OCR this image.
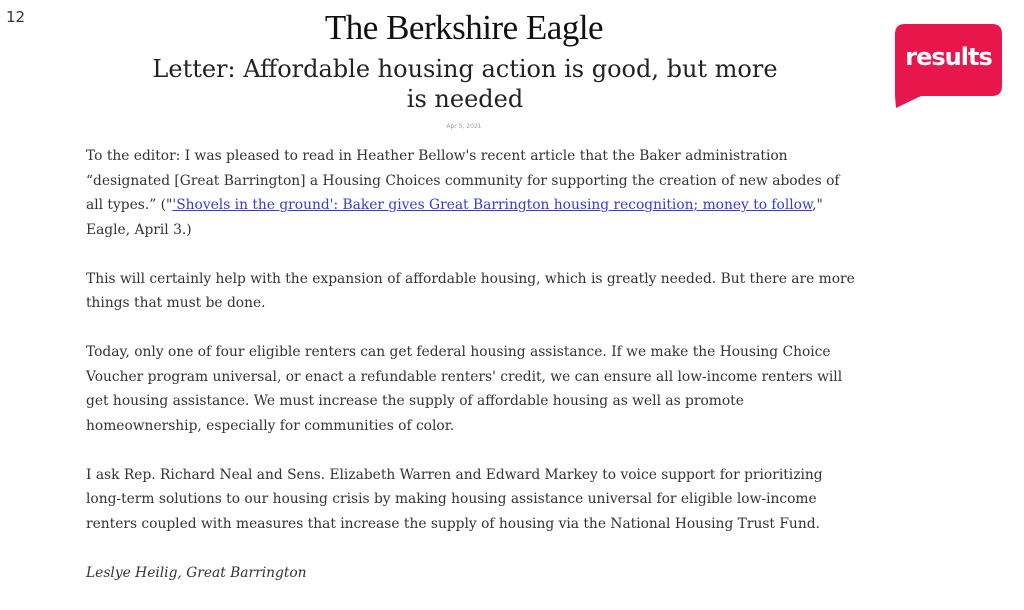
12	The Berkshire Eagle
Letter: Affordable housing action is good, but more is needed
Apr 5, 2021

To the editor: I was pleased to read in Heather Bellow's recent article that the Baker administration “designated [Great Barrington] a Housing Choices community for supporting the creation of new abodes of all types.” ("'Shovels in the ground': Baker gives Great Barrington housing recognition; money to follow," Eagle, April 3.)

This will certainly help with the expansion of affordable housing, which is greatly needed. But there are more things that must be done.

Today, only one of four eligible renters can get federal housing assistance. If we make the Housing Choice Voucher program universal, or enact a refundable renters' credit, we can ensure all low-income renters will get housing assistance. We must increase the supply of affordable housing as well as promote homeownership, especially for communities of color.

I ask Rep. Richard Neal and Sens. Elizabeth Warren and Edward Markey to voice support for prioritizing long-term solutions to our housing crisis by making housing assistance universal for eligible low-income renters coupled with measures that increase the supply of housing via the National Housing Trust Fund.

Leslye Heilig, Great Barrington

results
